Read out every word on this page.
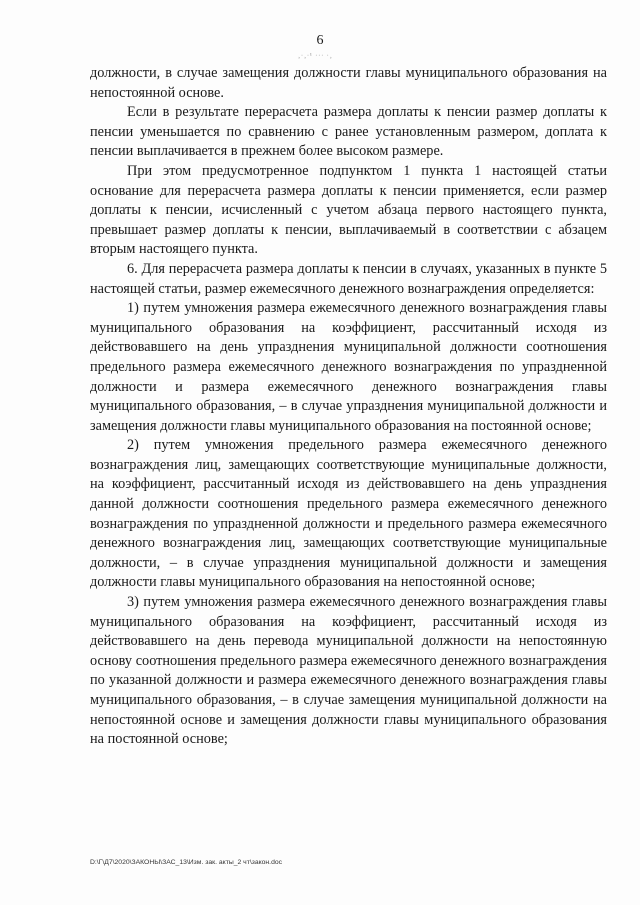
6
¸·¸·¹ ··· ·¸

должности, в случае замещения должности главы муниципального образования на непостоянной основе.

Если в результате перерасчета размера доплаты к пенсии размер доплаты к пенсии уменьшается по сравнению с ранее установленным размером, доплата к пенсии выплачивается в прежнем более высоком размере.

При этом предусмотренное подпунктом 1 пункта 1 настоящей статьи основание для перерасчета размера доплаты к пенсии применяется, если размер доплаты к пенсии, исчисленный с учетом абзаца первого настоящего пункта, превышает размер доплаты к пенсии, выплачиваемый в соответствии с абзацем вторым настоящего пункта.

6. Для перерасчета размера доплаты к пенсии в случаях, указанных в пункте 5 настоящей статьи, размер ежемесячного денежного вознаграждения определяется:

1) путем умножения размера ежемесячного денежного вознаграждения главы муниципального образования на коэффициент, рассчитанный исходя из действовавшего на день упразднения муниципальной должности соотношения предельного размера ежемесячного денежного вознаграждения по упраздненной должности и размера ежемесячного денежного вознаграждения главы муниципального образования, – в случае упразднения муниципальной должности и замещения должности главы муниципального образования на постоянной основе;

2) путем умножения предельного размера ежемесячного денежного вознаграждения лиц, замещающих соответствующие муниципальные должности, на коэффициент, рассчитанный исходя из действовавшего на день упразднения данной должности соотношения предельного размера ежемесячного денежного вознаграждения по упраздненной должности и предельного размера ежемесячного денежного вознаграждения лиц, замещающих соответствующие муниципальные должности, – в случае упразднения муниципальной должности и замещения должности главы муниципального образования на непостоянной основе;

3) путем умножения размера ежемесячного денежного вознаграждения главы муниципального образования на коэффициент, рассчитанный исходя из действовавшего на день перевода муниципальной должности на непостоянную основу соотношения предельного размера ежемесячного денежного вознаграждения по указанной должности и размера ежемесячного денежного вознаграждения главы муниципального образования, – в случае замещения муниципальной должности на непостоянной основе и замещения должности главы муниципального образования на постоянной основе;

D:\Г\Д7\2020\ЗАКОНЫ\ЗАС_13\Изм. зак. акты_2 чт\закон.doc
